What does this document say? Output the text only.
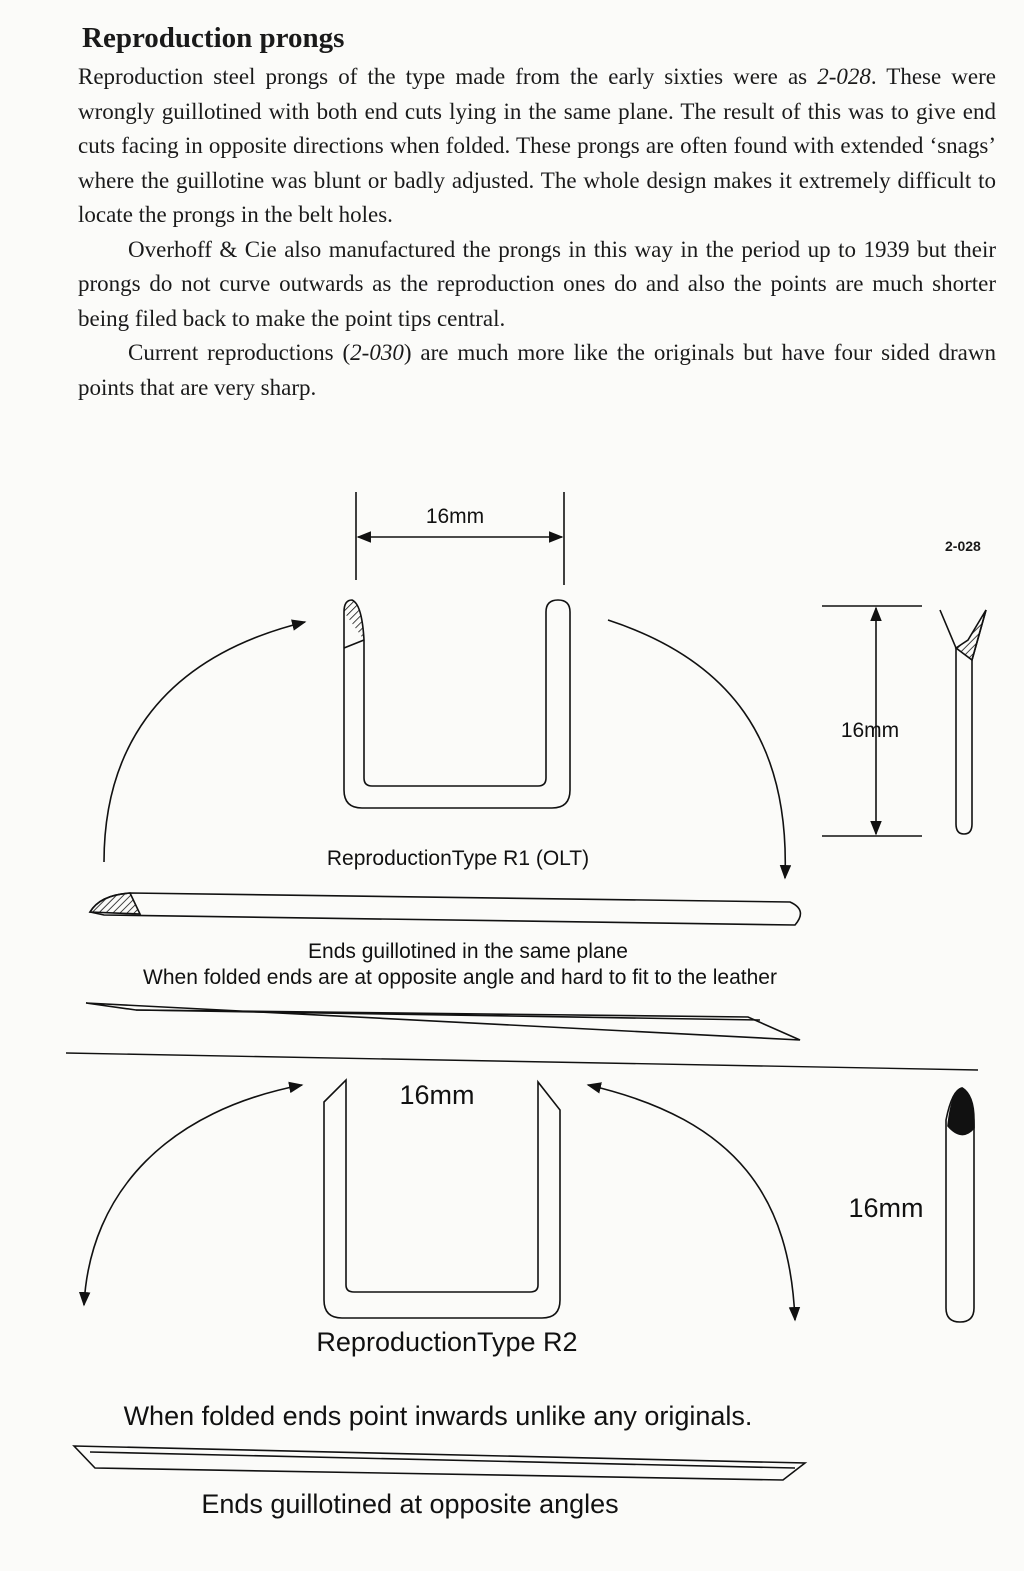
Reproduction prongs

Reproduction steel prongs of the type made from the early sixties were as 2-028. These were wrongly guillotined with both end cuts lying in the same plane. The result of this was to give end cuts facing in opposite directions when folded. These prongs are often found with extended ‘snags’ where the guillotine was blunt or badly adjusted. The whole design makes it extremely difficult to locate the prongs in the belt holes.

Overhoff & Cie also manufactured the prongs in this way in the period up to 1939 but their prongs do not curve outwards as the reproduction ones do and also the points are much shorter being filed back to make the point tips central.

Current reproductions (2-030) are much more like the originals but have four sided drawn points that are very sharp.

2-028
16mm
16mm
ReproductionType R1 (OLT)
Ends guillotined in the same plane
When folded ends are at opposite angle and hard to fit to the leather
16mm
16mm
ReproductionType R2
When folded ends point inwards unlike any originals.
Ends guillotined at opposite angles
